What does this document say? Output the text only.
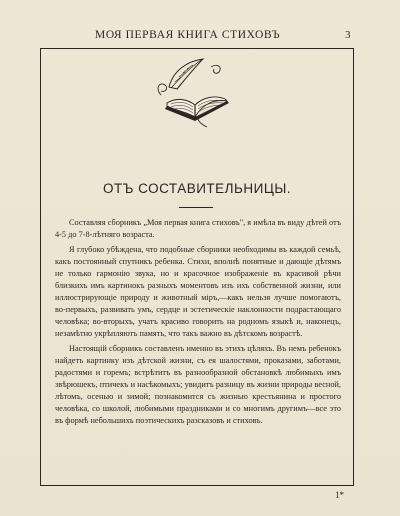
МОЯ ПЕРВАЯ КНИГА СТИХОВЪ	3
ОТЪ СОСТАВИТЕЛЬНИЦЫ.

Составляя сборникъ „Моя первая книга стиховъ", я имѣла въ виду дѣтей отъ 4-5 до 7-8-лѣтняго возраста.

Я глубоко убѣждена, что подобные сборники необходимы въ каждой семьѣ, какъ постоянный спутникъ ребенка. Стихи, вполнѣ понятные и дающіе дѣтямъ не только гармонію звука, но и красочное изображеніе въ красивой рѣчи близкихъ имъ картинокъ разныхъ моментовъ изъ ихъ собственной жизни, или иллюстрирующіе природу и животный міръ,—какъ нельзя лучше помогаютъ, во-первыхъ, развивать умъ, сердце и эстетическіе наклонности подрастающаго человѣка; во-вторыхъ, учатъ красиво говорить на родномъ языкѣ и, наконецъ, незамѣтно укрѣпляютъ память, что такъ важно въ дѣтскомъ возрастѣ.

Настоящій сборникъ составленъ именно въ этихъ цѣляхъ. Въ немъ ребенокъ найдетъ картинку изъ дѣтской жизни, съ ея шалостями, проказами, заботами, радостями и горемъ; встрѣтитъ въ разнообразной обстановкѣ любимыхъ имъ звѣрюшекъ, птичекъ и насѣкомыхъ; увидитъ разницу въ жизни природы весной, лѣтомъ, осенью и зимой; познакомится съ жизнью крестьянина и простого человѣка, со школой, любимыми праздниками и со многимъ другимъ—все это въ формѣ небольшихъ поэтическихъ разсказовъ и стиховъ.

1*
